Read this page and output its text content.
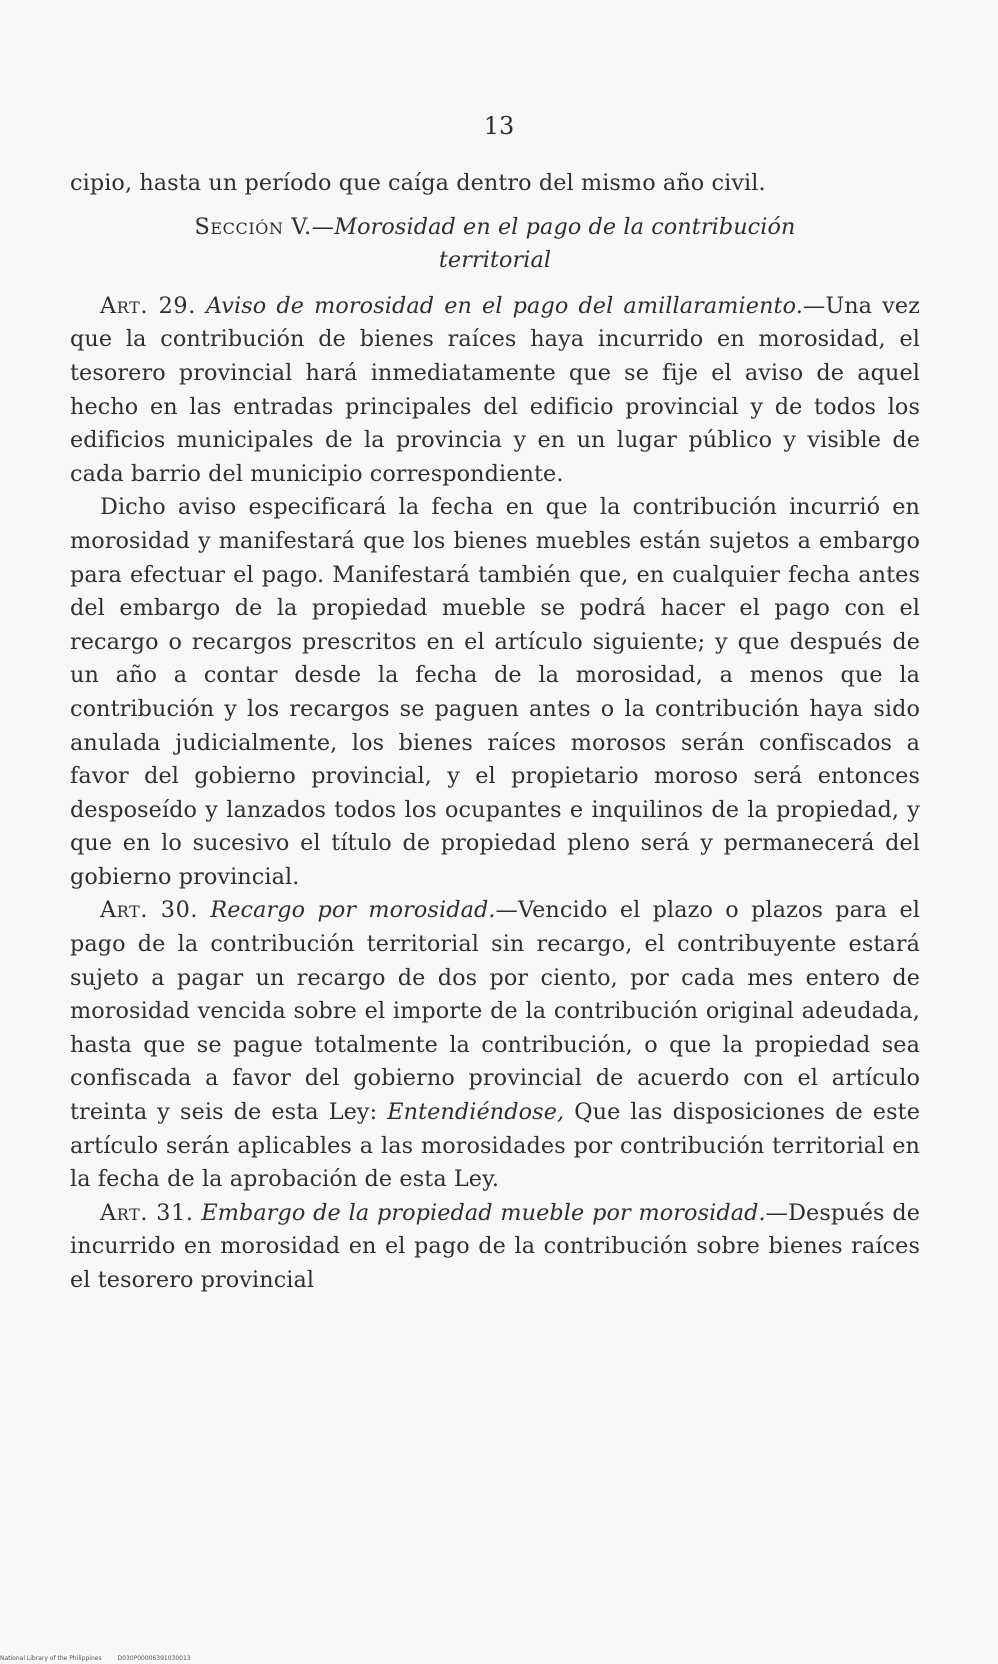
13

cipio, hasta un período que caíga dentro del mismo año civil.

Sección V.—Morosidad en el pago de la contribución
territorial

Art. 29. Aviso de morosidad en el pago del amillaramiento.—Una vez que la contribución de bienes raíces haya incurrido en morosidad, el tesorero provincial hará inmediatamente que se fije el aviso de aquel hecho en las entradas principales del edificio provincial y de todos los edificios municipales de la provincia y en un lugar público y visible de cada barrio del municipio correspondiente.

Dicho aviso especificará la fecha en que la contribución incurrió en morosidad y manifestará que los bienes muebles están sujetos a embargo para efectuar el pago. Manifestará también que, en cualquier fecha antes del embargo de la propiedad mueble se podrá hacer el pago con el recargo o recargos prescritos en el artículo siguiente; y que después de un año a contar desde la fecha de la morosidad, a menos que la contribución y los recargos se paguen antes o la contribución haya sido anulada judicialmente, los bienes raíces morosos serán confiscados a favor del gobierno provincial, y el propietario moroso será entonces desposeído y lanzados todos los ocupantes e inquilinos de la propiedad, y que en lo sucesivo el título de propiedad pleno será y permanecerá del gobierno provincial.

Art. 30. Recargo por morosidad.—Vencido el plazo o plazos para el pago de la contribución territorial sin recargo, el contribuyente estará sujeto a pagar un recargo de dos por ciento, por cada mes entero de morosidad vencida sobre el importe de la contribución original adeudada, hasta que se pague totalmente la contribución, o que la propiedad sea confiscada a favor del gobierno provincial de acuerdo con el artículo treinta y seis de esta Ley: Entendiéndose, Que las disposiciones de este artículo serán aplicables a las morosidades por contribución territorial en la fecha de la aprobación de esta Ley.

Art. 31. Embargo de la propiedad mueble por morosidad.—Después de incurrido en morosidad en el pago de la contribución sobre bienes raíces el tesorero provincial

National Library of the Philippines	D030P00006391030013
